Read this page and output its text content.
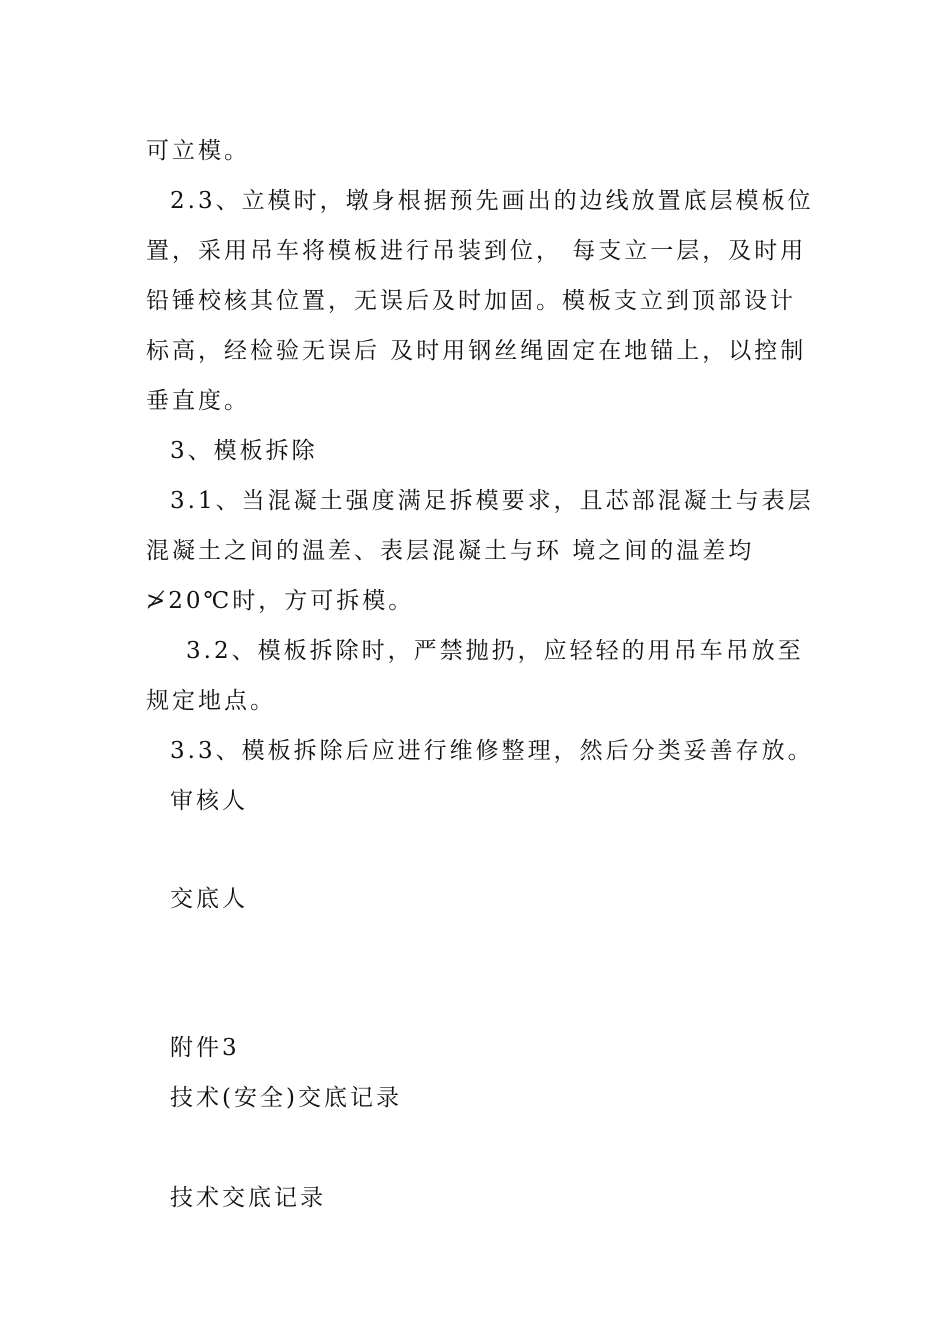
可立模。
2.3、立模时，墩身根据预先画出的边线放置底层模板位
置，采用吊车将模板进行吊装到位， 每支立一层，及时用
铅锤校核其位置，无误后及时加固。模板支立到顶部设计
标高，经检验无误后 及时用钢丝绳固定在地锚上，以控制
垂直度。
3、模板拆除
3.1、当混凝土强度满足拆模要求，且芯部混凝土与表层
混凝土之间的温差、表层混凝土与环 境之间的温差均
≯20℃时，方可拆模。
3.2、模板拆除时，严禁抛扔，应轻轻的用吊车吊放至
规定地点。
3.3、模板拆除后应进行维修整理，然后分类妥善存放。
审核人
交底人
附件3
技术(安全)交底记录
技术交底记录
